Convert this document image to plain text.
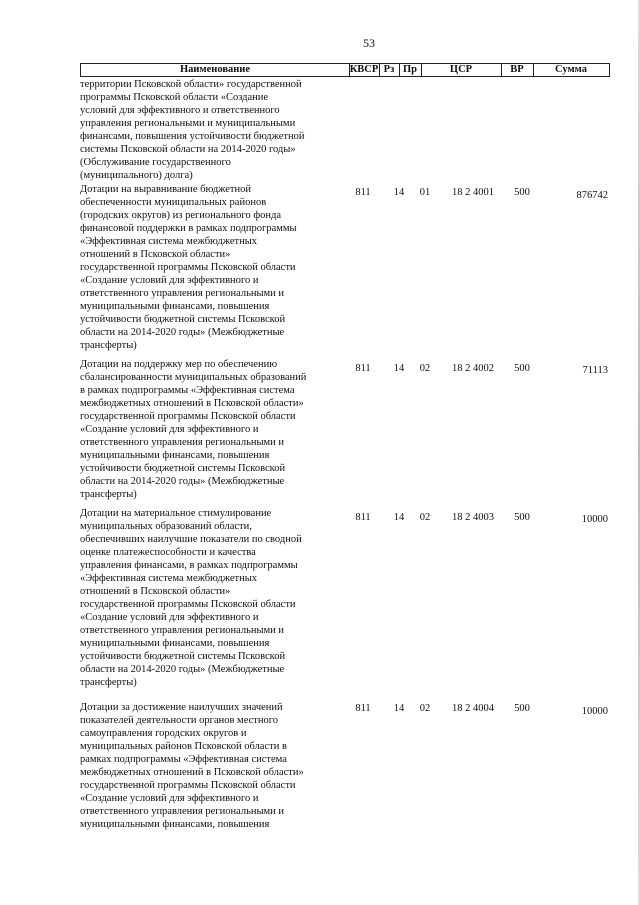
53
Наименование	КВСР Рз Пр	ЦСР	ВР	Сумма
территории Псковской области» государственной
программы Псковской области «Создание
условий для эффективного и ответственного
управления региональными и муниципальными
финансами, повышения устойчивости бюджетной
системы Псковской области на 2014-2020 годы»
(Обслуживание государственного
(муниципального) долга)
Дотации на выравнивание бюджетной
обеспеченности муниципальных районов
(городских округов) из регионального фонда
финансовой поддержки в рамках подпрограммы
«Эффективная система межбюджетных
отношений в Псковской области»
государственной программы Псковской области
«Создание условий для эффективного и
ответственного управления региональными и
муниципальными финансами, повышения
устойчивости бюджетной системы Псковской
области на 2014-2020 годы» (Межбюджетные
трансферты)
811	14	01	18 2 4001	500	876742
Дотации на поддержку мер по обеспечению
сбалансированности муниципальных образований
в рамках подпрограммы «Эффективная система
межбюджетных отношений в Псковской области»
государственной программы Псковской области
«Создание условий для эффективного и
ответственного управления региональными и
муниципальными финансами, повышения
устойчивости бюджетной системы Псковской
области на 2014-2020 годы» (Межбюджетные
трансферты)
811	14	02	18 2 4002	500	71113
Дотации на материальное стимулирование
муниципальных образований области,
обеспечивших наилучшие показатели по сводной
оценке платежеспособности и качества
управления финансами, в рамках подпрограммы
«Эффективная система межбюджетных
отношений в Псковской области»
государственной программы Псковской области
«Создание условий для эффективного и
ответственного управления региональными и
муниципальными финансами, повышения
устойчивости бюджетной системы Псковской
области на 2014-2020 годы» (Межбюджетные
трансферты)
811	14	02	18 2 4003	500	10000
Дотации за достижение наилучших значений
показателей деятельности органов местного
самоуправления городских округов и
муниципальных районов Псковской области в
рамках подпрограммы «Эффективная система
межбюджетных отношений в Псковской области»
государственной программы Псковской области
«Создание условий для эффективного и
ответственного управления региональными и
муниципальными финансами, повышения
811	14	02	18 2 4004	500	10000
